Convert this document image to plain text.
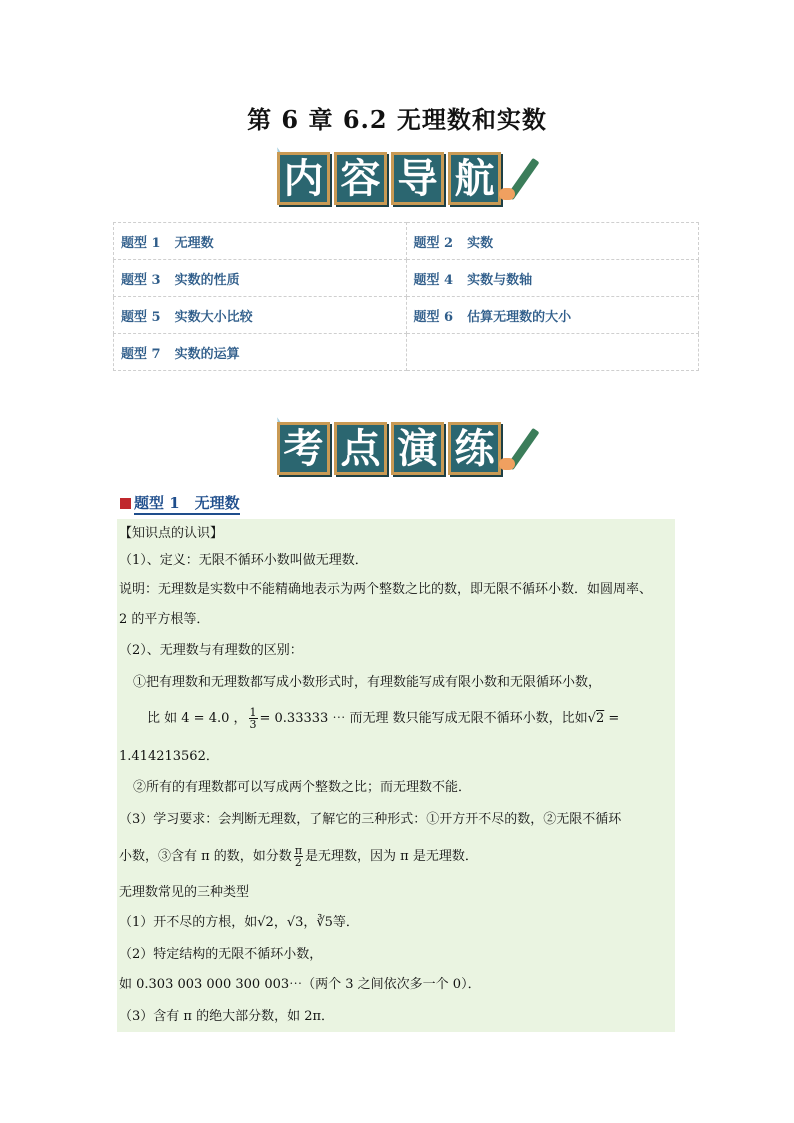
第 6 章 6.2 无理数和实数
内 容 导 航
题型 1 无理数	题型 2 实数
题型 3 实数的性质	题型 4 实数与数轴
题型 5 实数大小比较	题型 6 估算无理数的大小
题型 7 实数的运算	
考 点 演 练
题型 1　无理数
【知识点的认识】
（1）、定义：无限不循环小数叫做无理数．
说明：无理数是实数中不能精确地表示为两个整数之比的数，即无限不循环小数．如圆周率、
2 的平方根等．
（2）、无理数与有理数的区别：
①把有理数和无理数都写成小数形式时，有理数能写成有限小数和无限循环小数，
比 如 4 = 4.0 ， $\frac{1}{3} = 0.33333$ ⋯ 而无理 数只能写成无限不循环小数，比如√2 =
1.414213562．
②所有的有理数都可以写成两个整数之比；而无理数不能．
（3）学习要求：会判断无理数，了解它的三种形式：①开方开不尽的数，②无限不循环
小数，③含有 π 的数，如分数 $\frac{\pi}{2}$ 是无理数，因为 π 是无理数．
无理数常见的三种类型
（1）开不尽的方根，如√2，√3，∛5等．
（2）特定结构的无限不循环小数，
如 0.303 003 000 300 003⋯（两个 3 之间依次多一个 0）．
（3）含有 π 的绝大部分数，如 2π．
